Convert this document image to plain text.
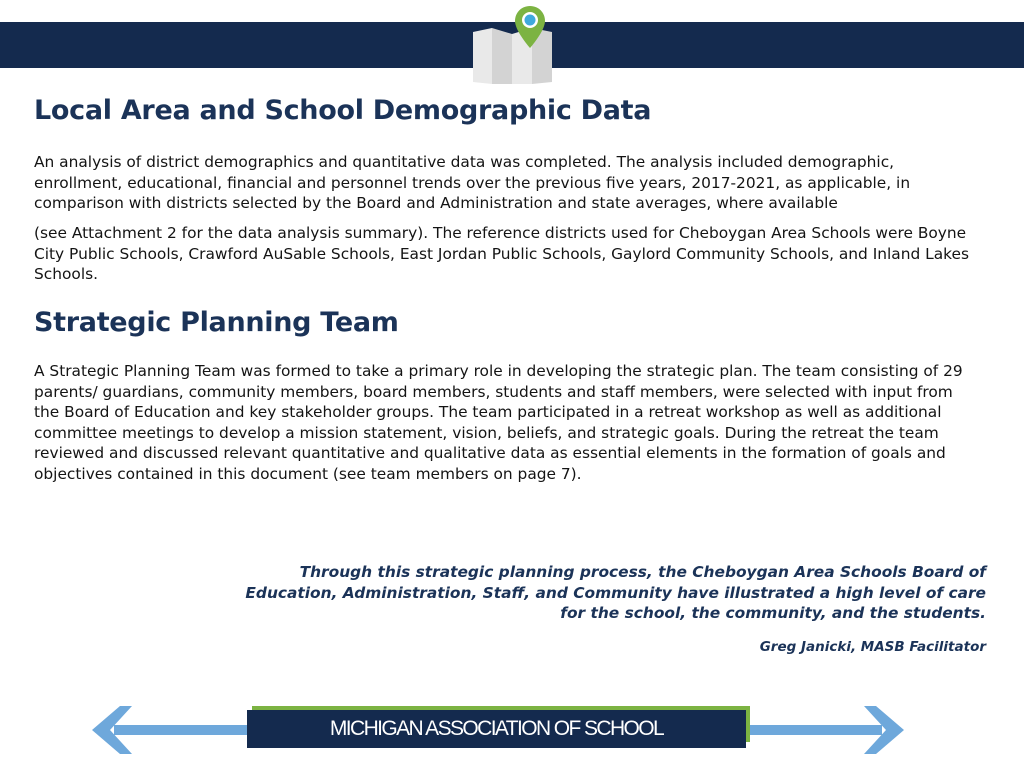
Local Area and School Demographic Data

An analysis of district demographics and quantitative data was completed. The analysis included demographic, enrollment, educational, financial and personnel trends over the previous five years, 2017-2021, as applicable, in comparison with districts selected by the Board and Administration and state averages, where available

(see Attachment 2 for the data analysis summary). The reference districts used for Cheboygan Area Schools were Boyne City Public Schools, Crawford AuSable Schools, East Jordan Public Schools, Gaylord Community Schools, and Inland Lakes Schools.

Strategic Planning Team

A Strategic Planning Team was formed to take a primary role in developing the strategic plan. The team consisting of 29 parents/ guardians, community members, board members, students and staff members, were selected with input from the Board of Education and key stakeholder groups. The team participated in a retreat workshop as well as additional committee meetings to develop a mission statement, vision, beliefs, and strategic goals. During the retreat the team reviewed and discussed relevant quantitative and qualitative data as essential elements in the formation of goals and objectives contained in this document (see team members on page 7).

Through this strategic planning process, the Cheboygan Area Schools Board of Education, Administration, Staff, and Community have illustrated a high level of care for the school, the community, and the students.

Greg Janicki, MASB Facilitator

MICHIGAN ASSOCIATION OF SCHOOL
